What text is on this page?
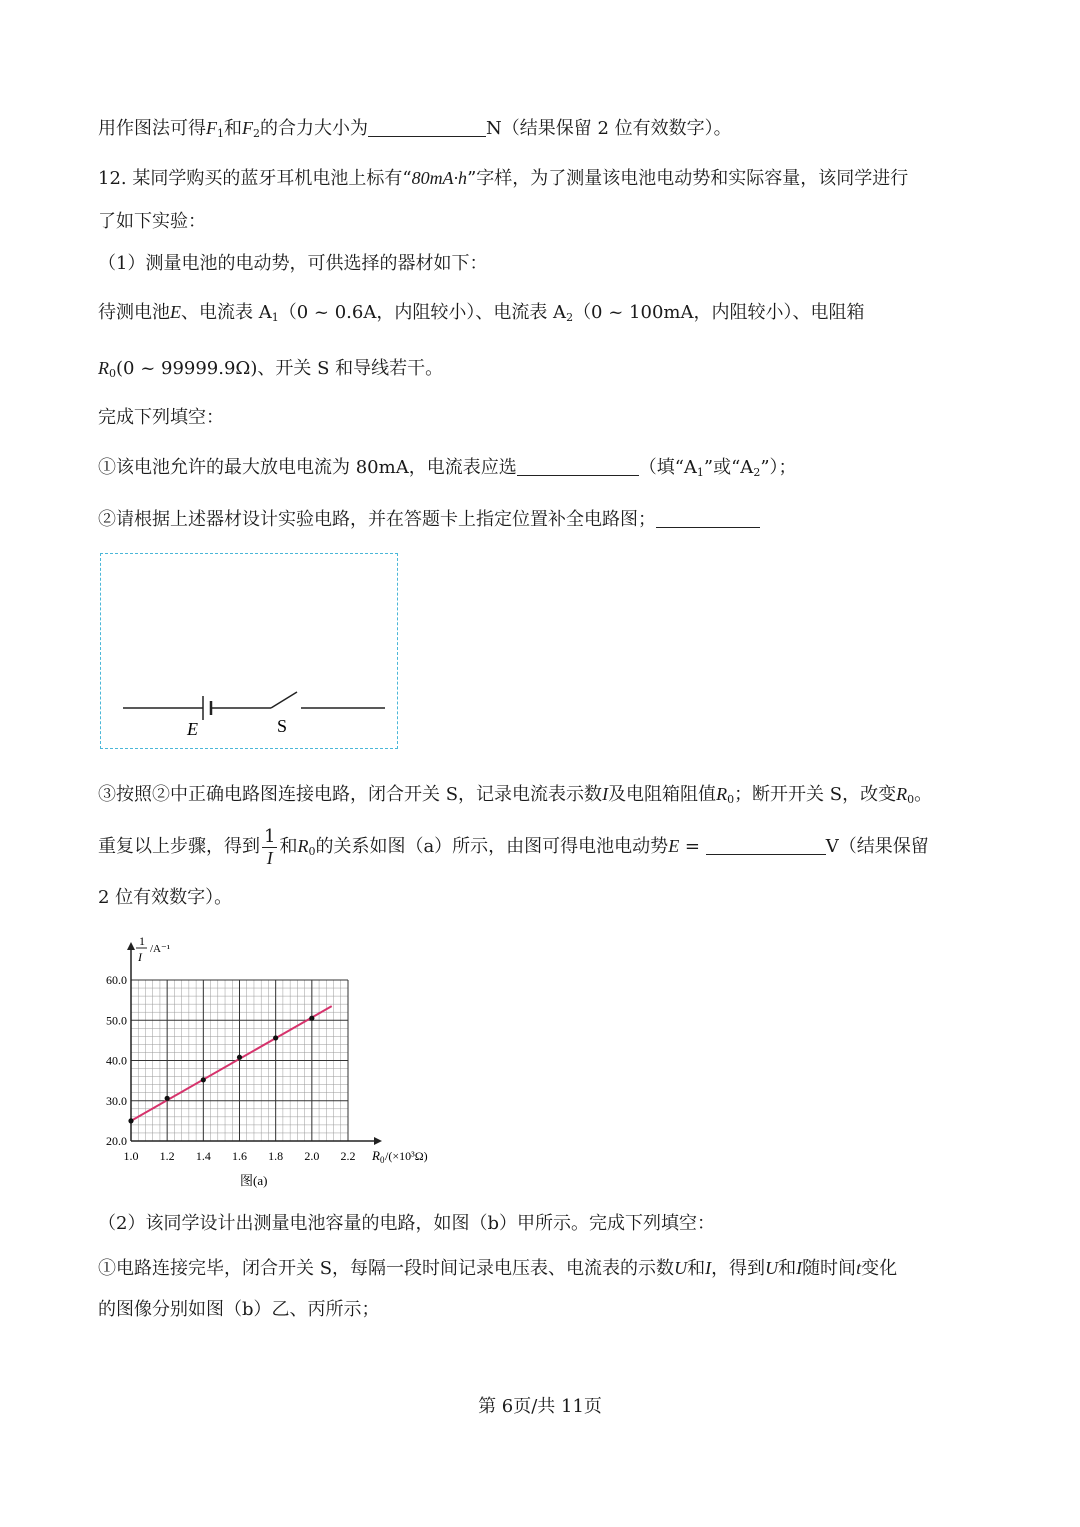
用作图法可得$F_1$和$F_2$的合力大小为	N（结果保留 2 位有效数字）。
12. 某同学购买的蓝牙耳机电池上标有“80mA·h”字样，为了测量该电池电动势和实际容量，该同学进行
了如下实验：
（1）测量电池的电动势，可供选择的器材如下：
待测电池E、电流表 $A_1(0$ ~ 0.6A，内阻较小）、电流表 $A_2(0$ ~ 100mA，内阻较小）、电阻箱
$R_0(0$ ~ 99999.9Ω)、开关 S 和导线若干。
完成下列填空：
①该电池允许的最大放电电流为 80mA，电流表应选	（填“$A_1$”或“$A_2$”）；
②请根据上述器材设计实验电路，并在答题卡上指定位置补全电路图；
E	S
③按照②中正确电路图连接电路，闭合开关 S，记录电流表示数I及电阻箱阻值$R_0$；断开开关 S，改变$R_0$。
重复以上步骤，得到 $\frac{1}{I}$ 和$R_0$的关系如图（a）所示，由图可得电池电动势E =	V（结果保留
2 位有效数字）。
1.0 1.2 1.4 1.6 1.8 2.0 2.2
20.0
30.0
40.0
50.0
60.0
1
I
/A⁻¹
R 0 /(×10³Ω)
图(a)
（2）该同学设计出测量电池容量的电路，如图（b）甲所示。完成下列填空：
①电路连接完毕，闭合开关 S，每隔一段时间记录电压表、电流表的示数U和I，得到U和I随时间t变化
的图像分别如图（b）乙、丙所示；
第 6页/共 11页
